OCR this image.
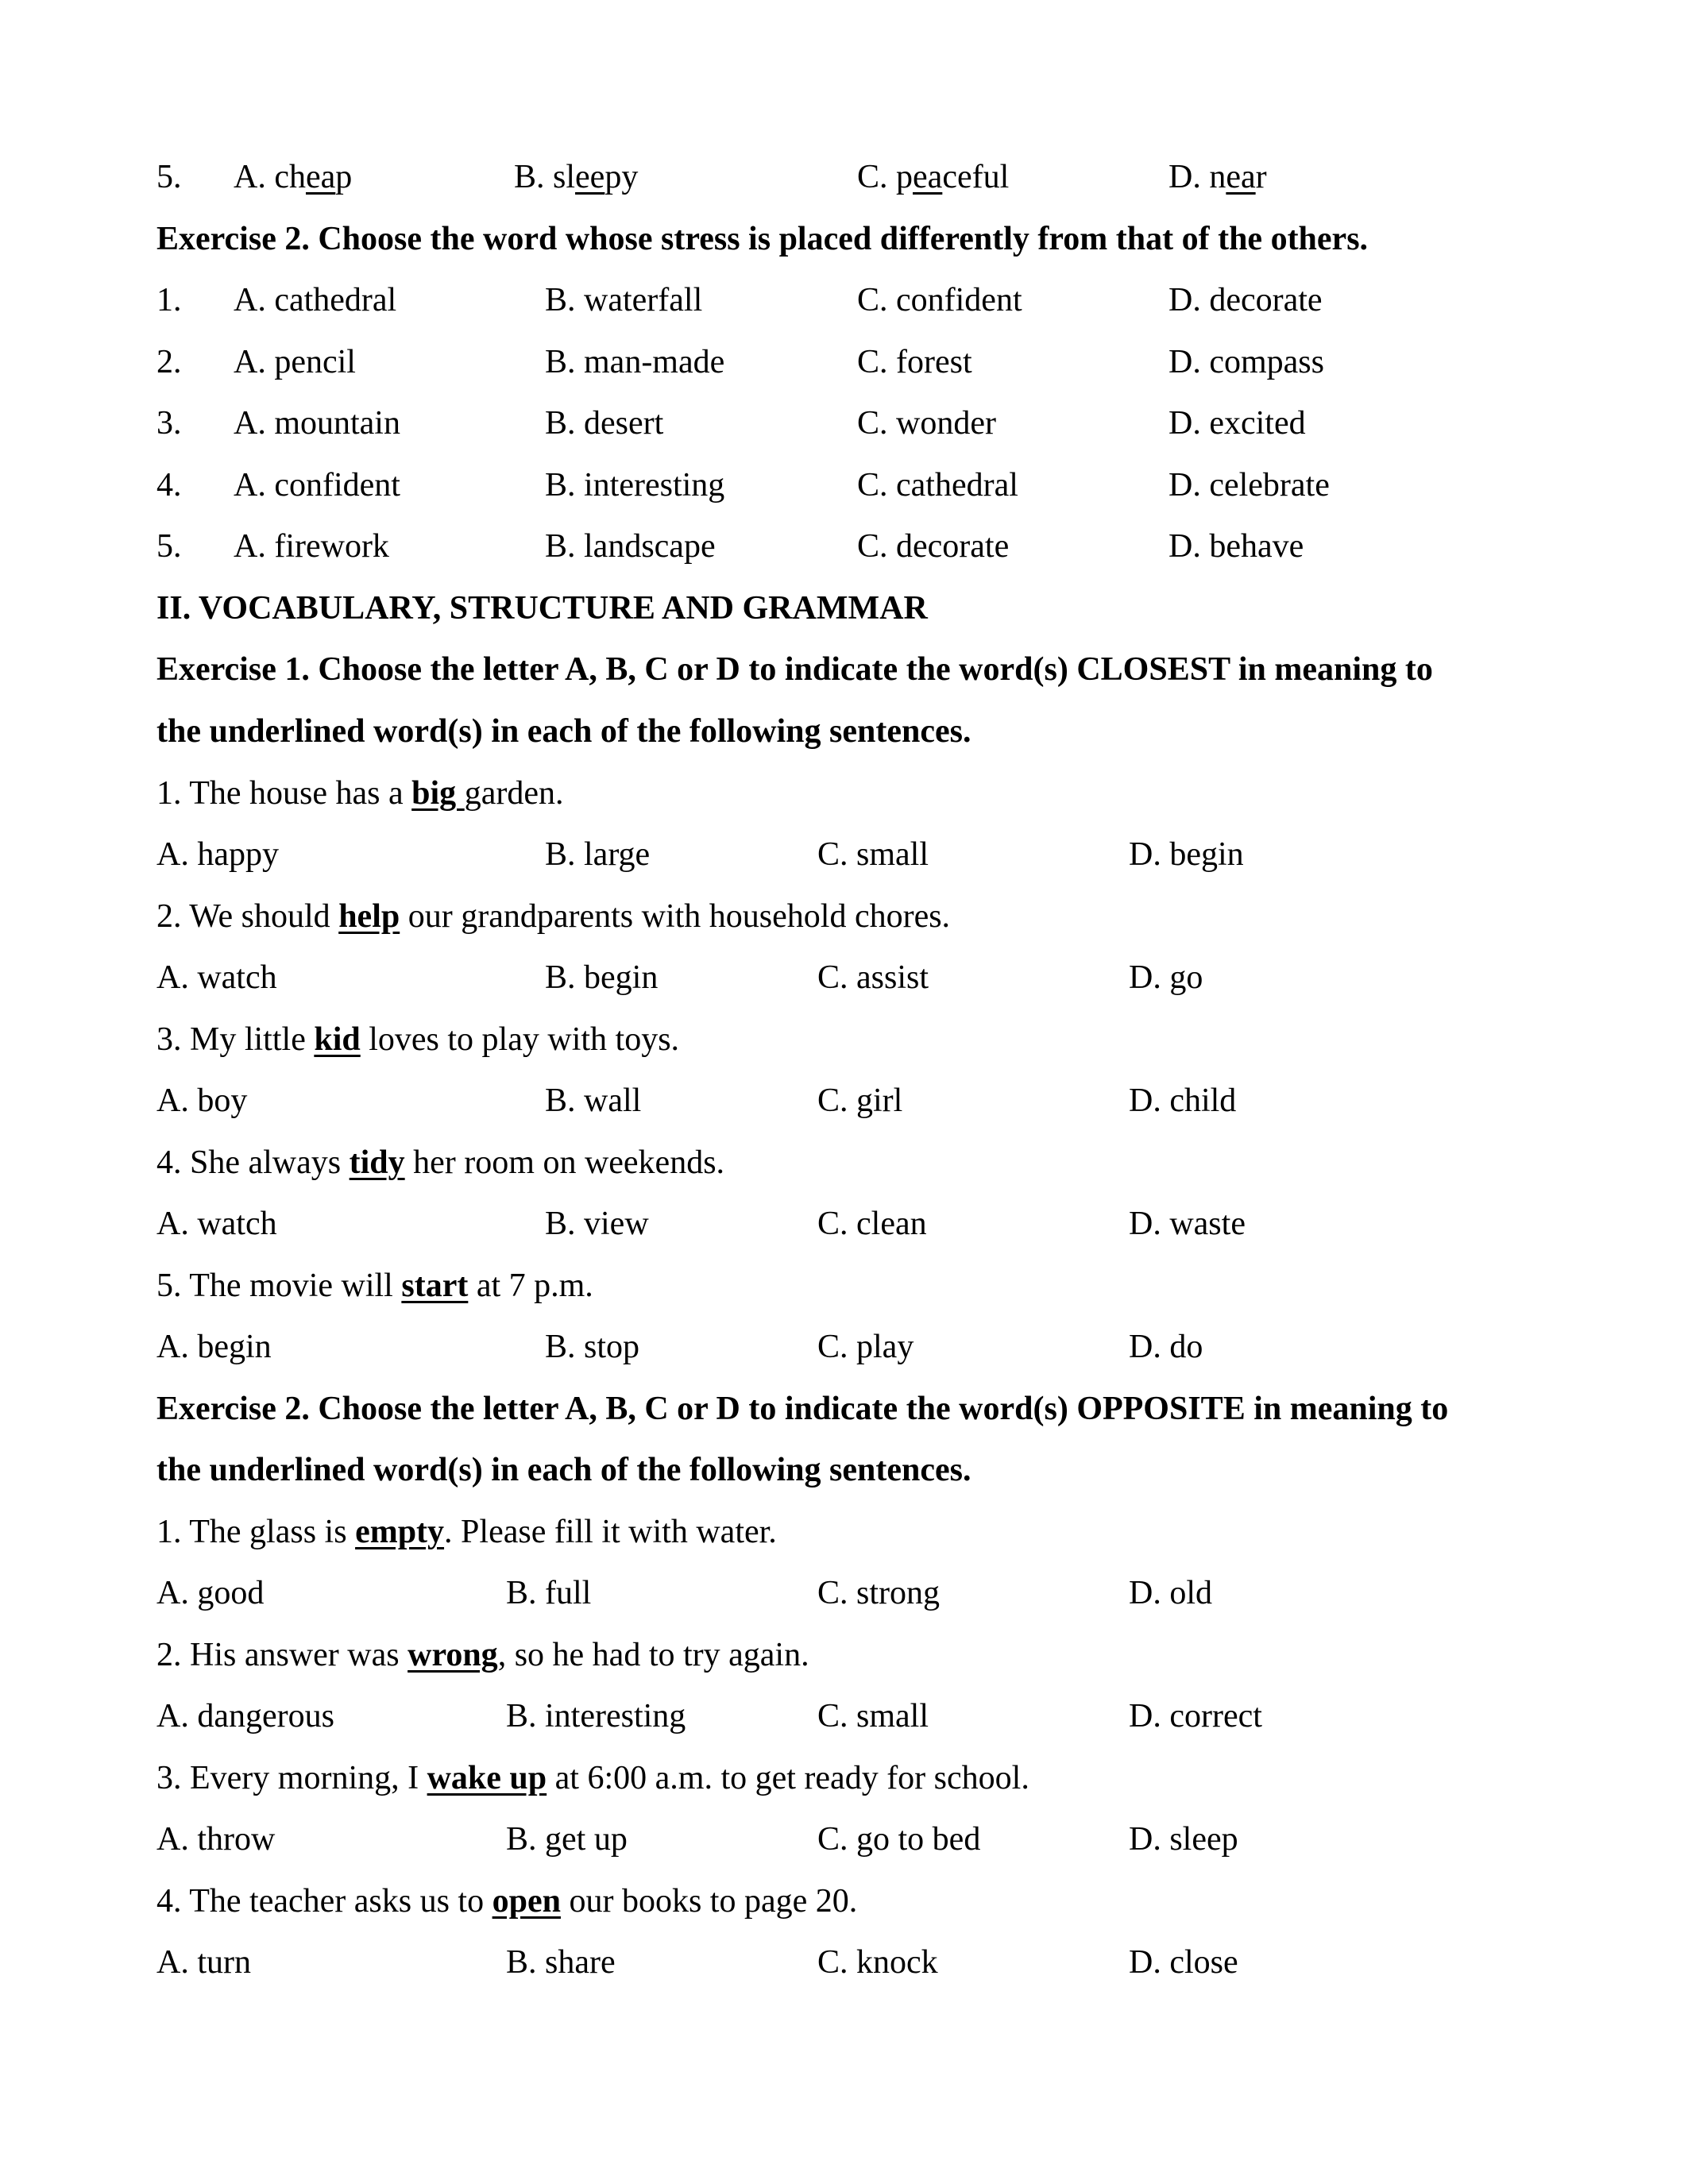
5. A. cheap	B. sleepy	C. peaceful	D. near
Exercise 2. Choose the word whose stress is placed differently from that of the others.
1. A. cathedral	B. waterfall	C. confident	D. decorate
2. A. pencil	B. man-made	C. forest	D. compass
3. A. mountain	B. desert	C. wonder	D. excited
4. A. confident	B. interesting	C. cathedral	D. celebrate
5. A. firework	B. landscape	C. decorate	D. behave
II. VOCABULARY, STRUCTURE AND GRAMMAR
Exercise 1. Choose the letter A, B, C or D to indicate the word(s) CLOSEST in meaning to
the underlined word(s) in each of the following sentences.
1. The house has a big garden.
A. happy	B. large	C. small	D. begin
2. We should help our grandparents with household chores.
A. watch	B. begin	C. assist	D. go
3. My little kid loves to play with toys.
A. boy	B. wall	C. girl	D. child
4. She always tidy her room on weekends.
A. watch	B. view	C. clean	D. waste
5. The movie will start at 7 p.m.
A. begin	B. stop	C. play	D. do
Exercise 2. Choose the letter A, B, C or D to indicate the word(s) OPPOSITE in meaning to
the underlined word(s) in each of the following sentences.
1. The glass is empty. Please fill it with water.
A. good	B. full	C. strong	D. old
2. His answer was wrong, so he had to try again.
A. dangerous	B. interesting	C. small	D. correct
3. Every morning, I wake up at 6:00 a.m. to get ready for school.
A. throw	B. get up	C. go to bed	D. sleep
4. The teacher asks us to open our books to page 20.
A. turn	B. share	C. knock	D. close
